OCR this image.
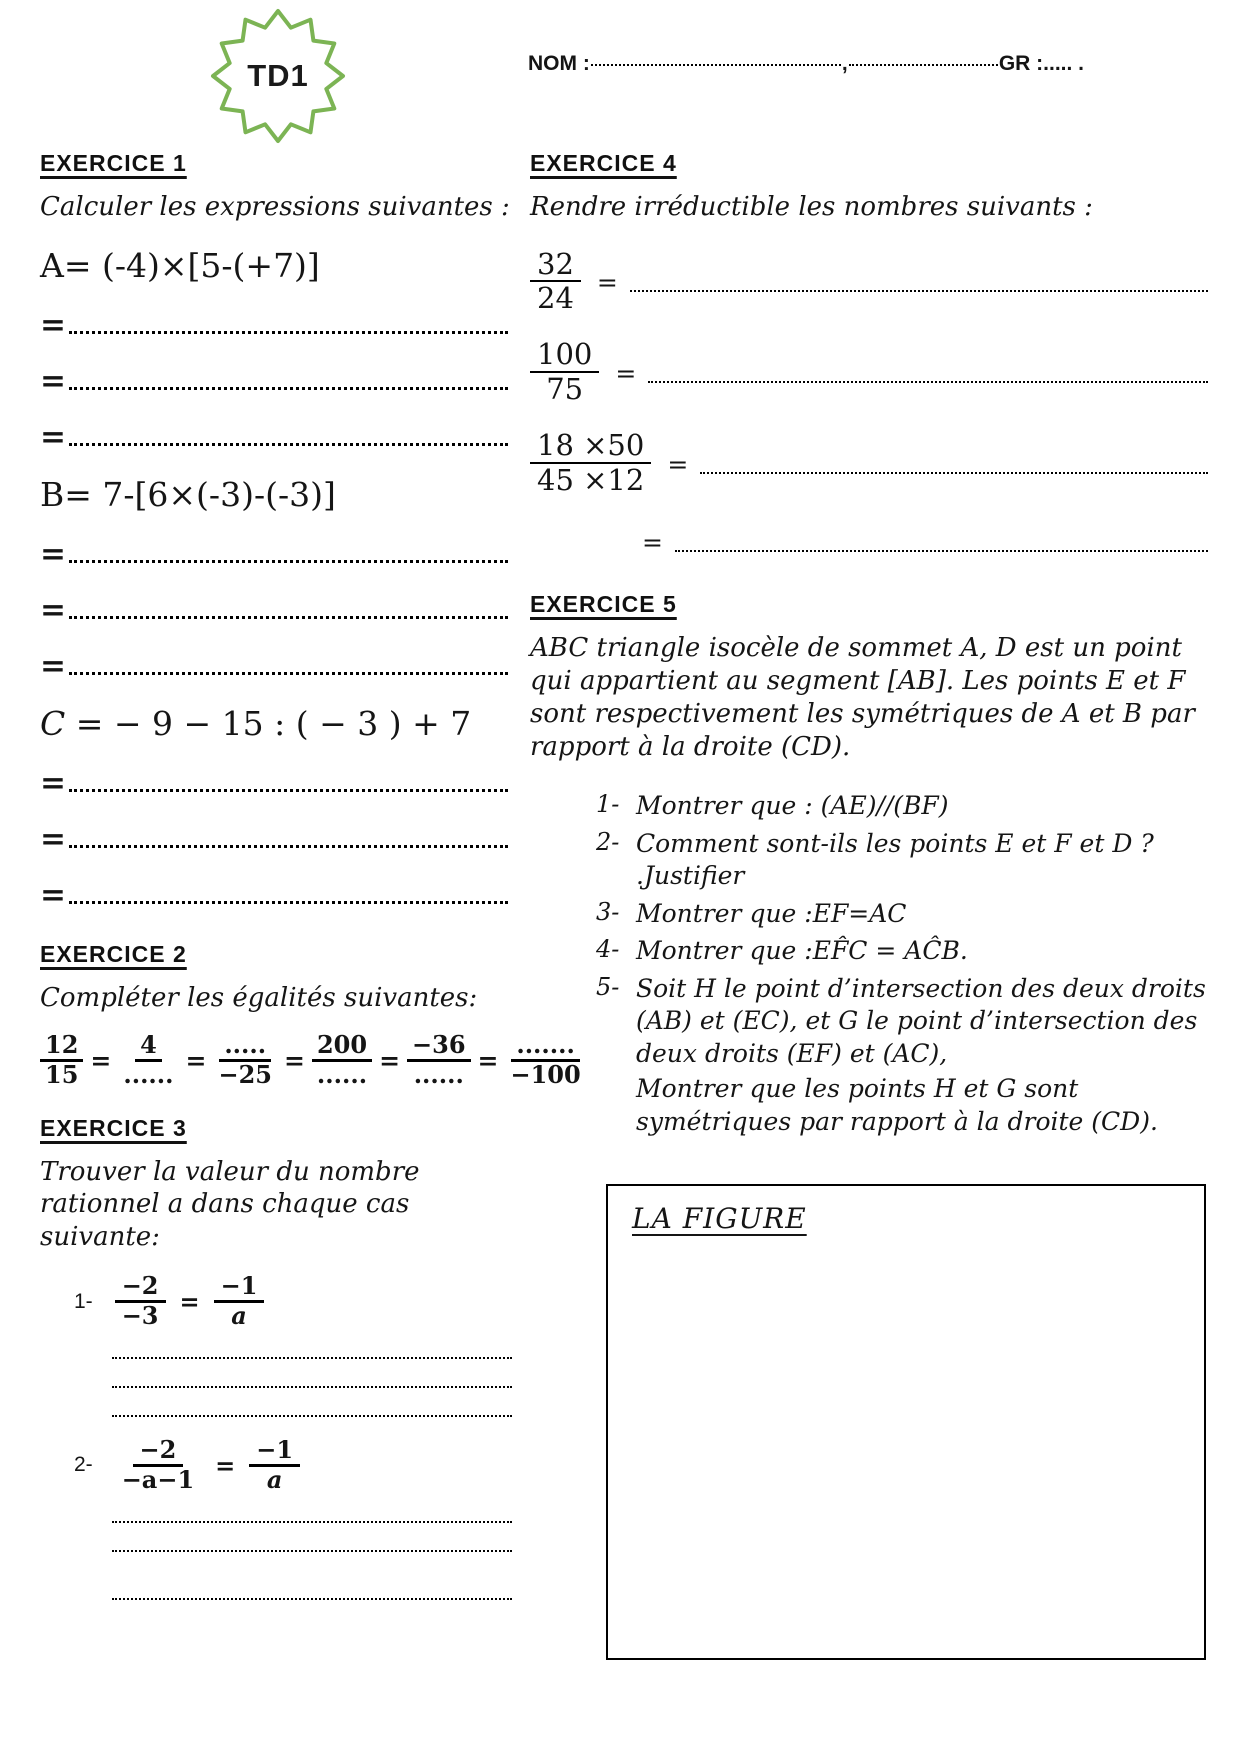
TD1	NOM :	,	GR : ..... .
EXERCICE 1

Calculer les expressions suivantes :

A= (-4)×[5-(+7)]
=
=
=
B= 7-[6×(-3)-(-3)]
=
=
=
C = − 9 − 15 : ( − 3 ) + 7
=
=
=
EXERCICE 2

Compléter les égalités suivantes:

$\frac{12}{15} = \frac{4}{......} = \frac{.....}{-25} = \frac{200}{......} = \frac{-36}{......} = \frac{.......}{-100}$
EXERCICE 3

Trouver la valeur du nombre rationnel a dans chaque cas suivante:

$1- \frac{-2}{-3} = \frac{-1}{a}$
$2- \frac{-2}{-a-1} = \frac{-1}{a}$
EXERCICE 4

Rendre irréductible les nombres suivants :

$\frac{32}{24}$ =
$\frac{100}{75}$ =
$\frac{18 \times 50}{45 \times 12}$ =
=
EXERCICE 5

ABC triangle isocèle de sommet A, D est un point qui appartient au segment [AB]. Les points E et F sont respectivement les symétriques de A et B par rapport à la droite (CD).

1- Montrer que : (AE)//(BF)
2- Comment sont-ils les points E et F et D ? .Justifier
3- Montrer que :EF=AC
4- Montrer que :EF̂C = AĈB.
5- Soit H le point d’intersection des deux droits (AB) et (EC), et G le point d’intersection des deux droits (EF) et (AC),
Montrer que les points H et G sont symétriques par rapport à la droite (CD).
LA FIGURE
